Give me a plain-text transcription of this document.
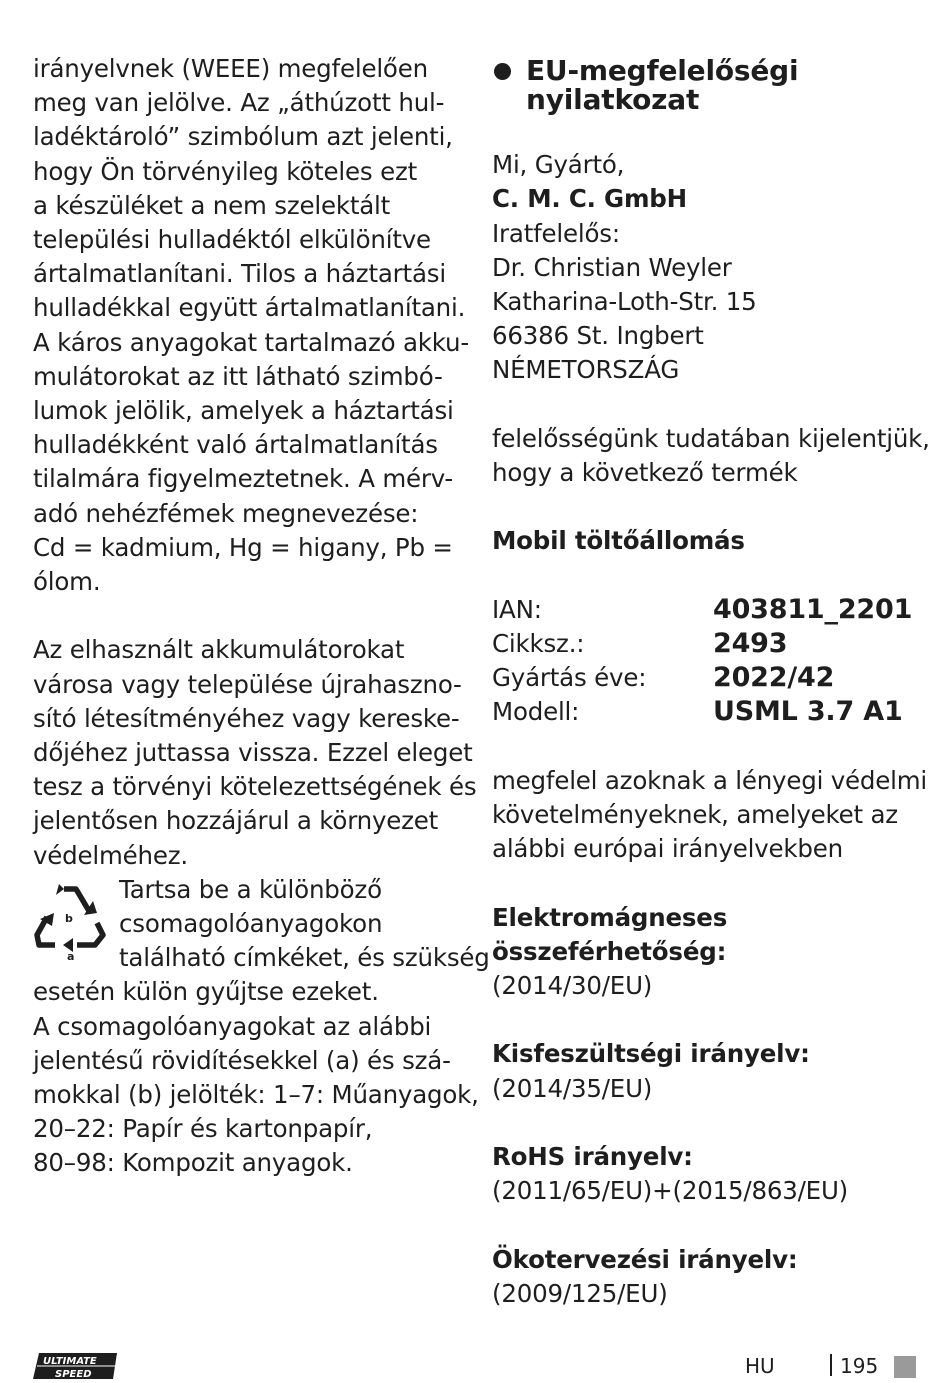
irányelvnek (WEEE) megfelelően
meg van jelölve. Az „áthúzott hul-
ladéktároló” szimbólum azt jelenti,
hogy Ön törvényileg köteles ezt
a készüléket a nem szelektált
települési hulladéktól elkülönítve
ártalmatlanítani. Tilos a háztartási
hulladékkal együtt ártalmatlanítani.
A káros anyagokat tartalmazó akku-
mulátorokat az itt látható szimbó-
lumok jelölik, amelyek a háztartási
hulladékként való ártalmatlanítás
tilalmára figyelmeztetnek. A mérv-
adó nehézfémek megnevezése:
Cd = kadmium, Hg = higany, Pb =
ólom.
Az elhasznált akkumulátorokat
városa vagy települése újrahaszno-
sító létesítményéhez vagy kereske-
dőjéhez juttassa vissza. Ezzel eleget
tesz a törvényi kötelezettségének és
jelentősen hozzájárul a környezet
védelméhez.
b
a
Tartsa be a különböző
csomagolóanyagokon
található címkéket, és szükség
esetén külön gyűjtse ezeket.
A csomagolóanyagokat az alábbi
jelentésű rövidítésekkel (a) és szá-
mokkal (b) jelölték: 1–7: Műanyagok,
20–22: Papír és kartonpapír,
80–98: Kompozit anyagok.
EU-megfelelőségi
nyilatkozat
Mi, Gyártó,
C. M. C. GmbH
Iratfelelős:
Dr. Christian Weyler
Katharina-Loth-Str. 15
66386 St. Ingbert
NÉMETORSZÁG
felelősségünk tudatában kijelentjük,
hogy a következő termék
Mobil töltőállomás
IAN:	403811_2201
Cikksz.:	2493
Gyártás éve:	2022/42
Modell:	USML 3.7 A1
megfelel azoknak a lényegi védelmi
követelményeknek, amelyeket az
alábbi európai irányelvekben
Elektromágneses
összeférhetőség:
(2014/30/EU)
Kisfeszültségi irányelv:
(2014/35/EU)
RoHS irányelv:
(2011/65/EU)+(2015/863/EU)
Ökotervezési irányelv:
(2009/125/EU)
ULTIMATE
SPEED	HU	195
